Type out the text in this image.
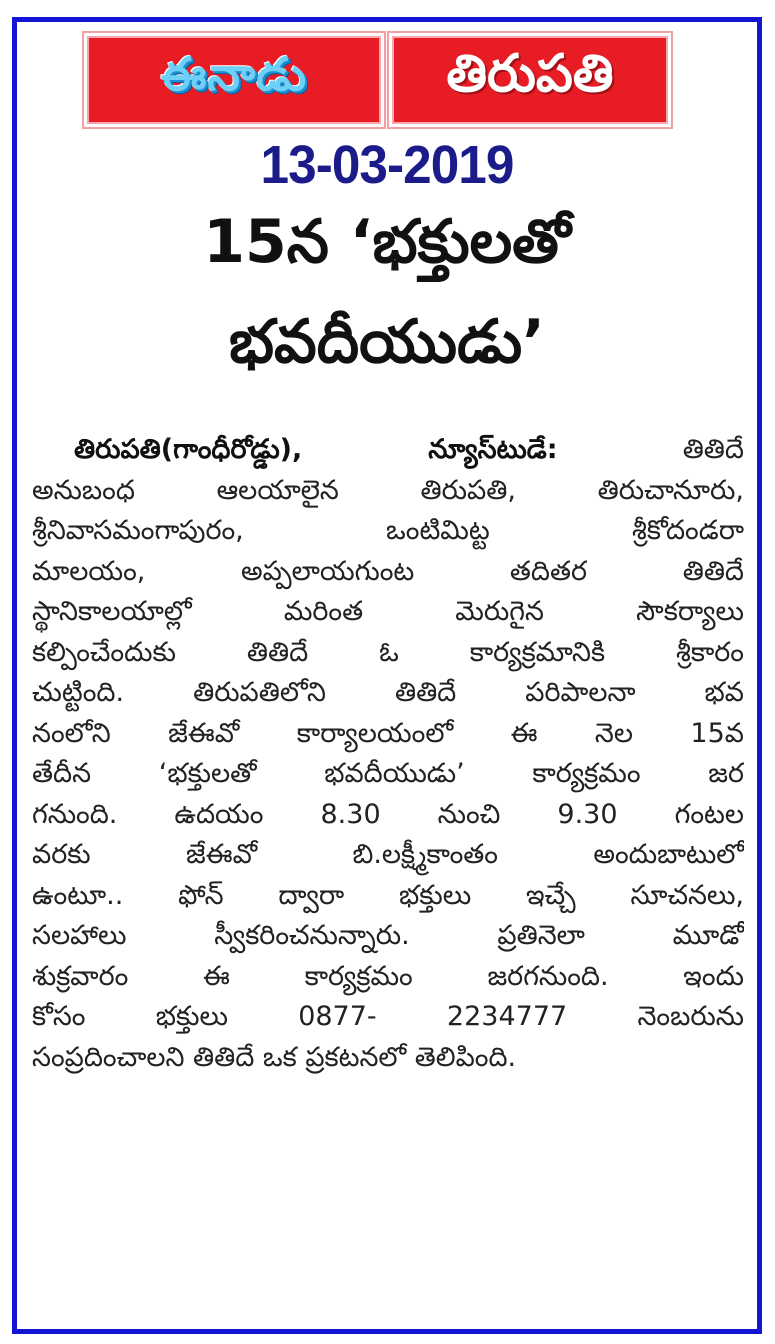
ఈనాడు	తిరుపతి
13-03-2019
15న ‘భక్తులతో
భవదీయుడు’
తిరుపతి(గాంధీరోడ్డు), న్యూస్‌టుడే:	తితిదే
అనుబంధ ఆలయాలైన తిరుపతి, తిరుచానూరు,
శ్రీనివాసమంగాపురం, ఒంటిమిట్ట శ్రీకోదండరా
మాలయం, అప్పలాయగుంట తదితర తితిదే
స్థానికాలయాల్లో మరింత మెరుగైన సౌకర్యాలు
కల్పించేందుకు తితిదే ఓ కార్యక్రమానికి శ్రీకారం
చుట్టింది. తిరుపతిలోని తితిదే పరిపాలనా భవ
నంలోని జేఈవో కార్యాలయంలో ఈ నెల 15వ
తేదీన ‘భక్తులతో భవదీయుడు’ కార్యక్రమం జర
గనుంది. ఉదయం 8.30 నుంచి 9.30 గంటల
వరకు జేఈవో బి.లక్ష్మీకాంతం అందుబాటులో
ఉంటూ.. ఫోన్ ద్వారా భక్తులు ఇచ్చే సూచనలు,
సలహాలు స్వీకరించనున్నారు. ప్రతినెలా మూడో
శుక్రవారం ఈ కార్యక్రమం జరగనుంది. ఇందు
కోసం భక్తులు 0877- 2234777 నెంబరును
సంప్రదించాలని తితిదే ఒక ప్రకటనలో తెలిపింది.
